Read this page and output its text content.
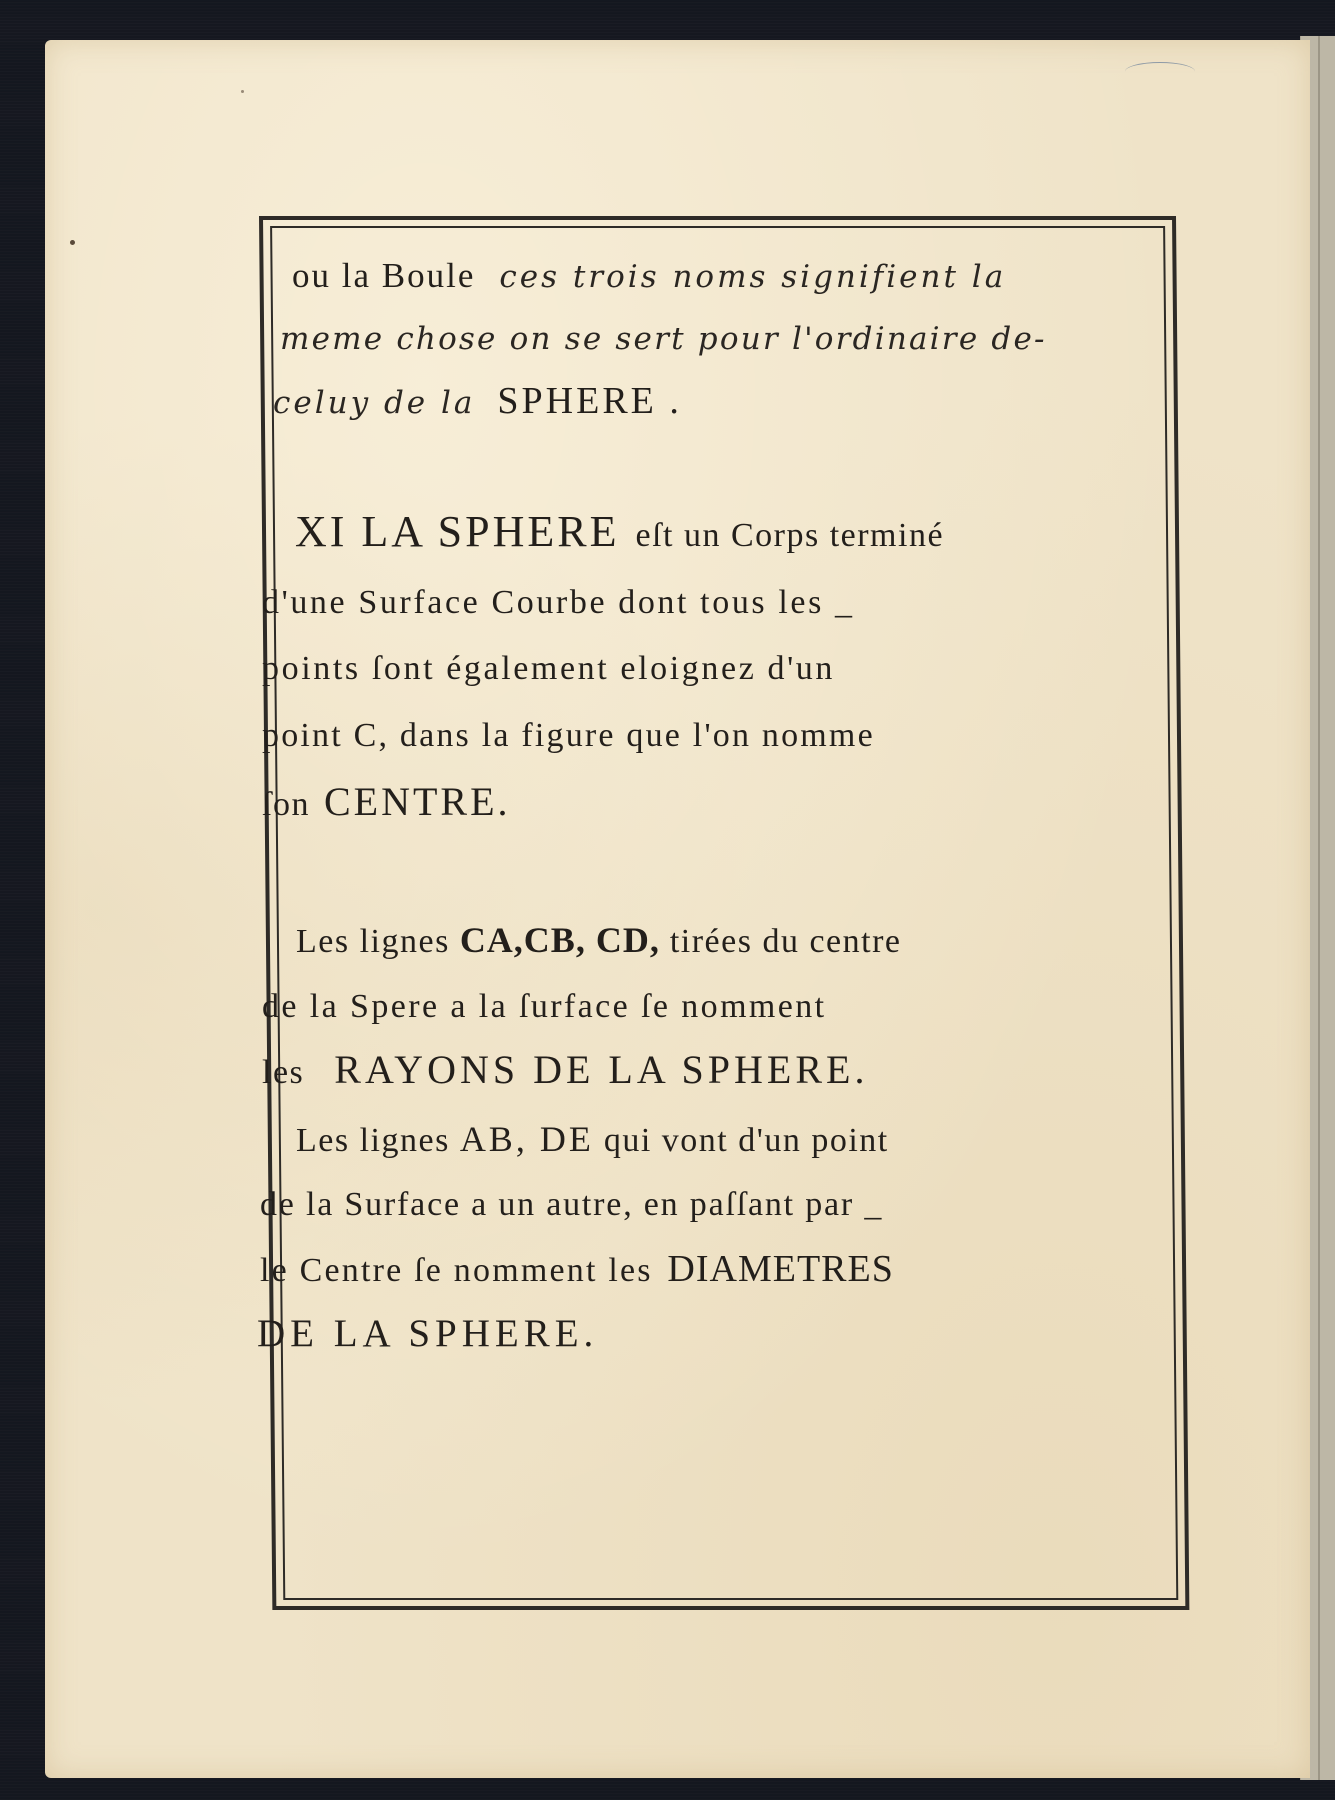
ou la Boule ces trois noms signifient la
meme chose on se sert pour l'ordinaire de-
celuy de la SPHERE .
XI LA SPHERE eſt un Corps terminé
d'une Surface Courbe dont tous les _
points ſont également eloignez d'un
point C, dans la figure que l'on nomme
ſon CENTRE.
Les lignes CA,CB, CD, tirées du centre
de la Spere a la ſurface ſe nomment
les RAYONS DE LA SPHERE.
Les lignes AB, DE qui vont d'un point
de la Surface a un autre, en paſſant par _
le Centre ſe nomment les DIAMETRES
DE LA SPHERE.
